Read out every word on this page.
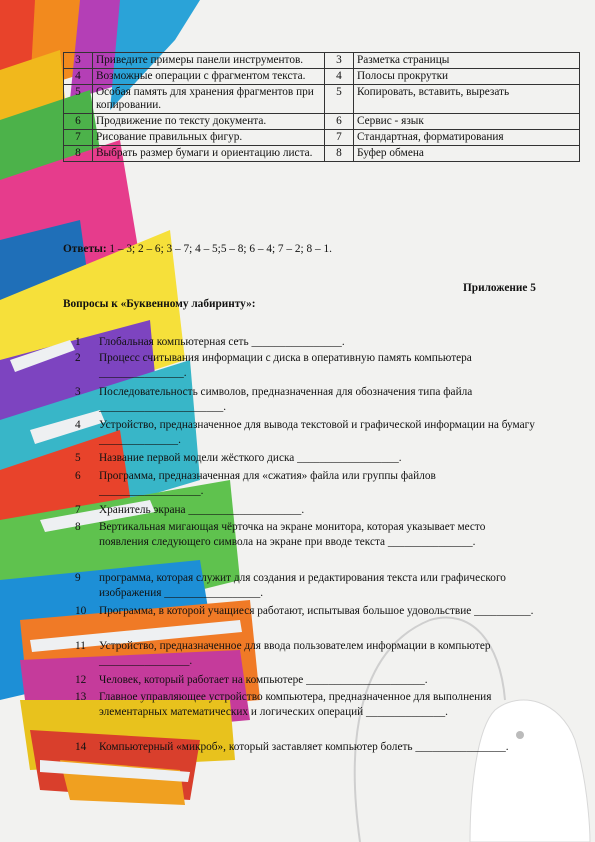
3	Приведите примеры панели инструментов.	3	Разметка страницы
4	Возможные операции с фрагментом текста.	4	Полосы прокрутки
5	Особая память для хранения фрагментов при копировании.	5	Копировать, вставить, вырезать
6	Продвижение по тексту документа.	6	Сервис - язык
7	Рисование правильных фигур.	7	Стандартная, форматирования
8	Выбрать размер бумаги и ориентацию листа.	8	Буфер обмена
Ответы: 1 – 3; 2 – 6; 3 – 7; 4 – 5;5 – 8; 6 – 4; 7 – 2; 8 – 1.
Приложение 5
Вопросы к «Буквенному лабиринту»:
1	Глобальная компьютерная сеть ________________.
2	Процесс считывания информации с диска в оперативную память компьютера _______________.
3	Последовательность символов, предназначенная для обозначения типа файла ______________________.
4	Устройство, предназначенное для вывода текстовой и графической информации на бумагу ______________.
5	Название первой модели жёсткого диска __________________.
6	Программа, предназначенная для «сжатия» файла или группы файлов __________________.
7	Хранитель экрана ____________________.
8	Вертикальная мигающая чёрточка на экране монитора, которая указывает место появления следующего символа на экране при вводе текста _______________.
9	программа, которая служит для создания и редактирования текста или графического изображения _________________.
10	Программа, в которой учащиеся работают, испытывая большое удовольствие __________.
11	Устройство, предназначенное для ввода пользователем информации в компьютер ________________.
12	Человек, который работает на компьютере _____________________.
13	Главное управляющее устройство компьютера, предназначенное для выполнения элементарных математических и логических операций ______________.
14	Компьютерный «микроб», который заставляет компьютер болеть ________________.
